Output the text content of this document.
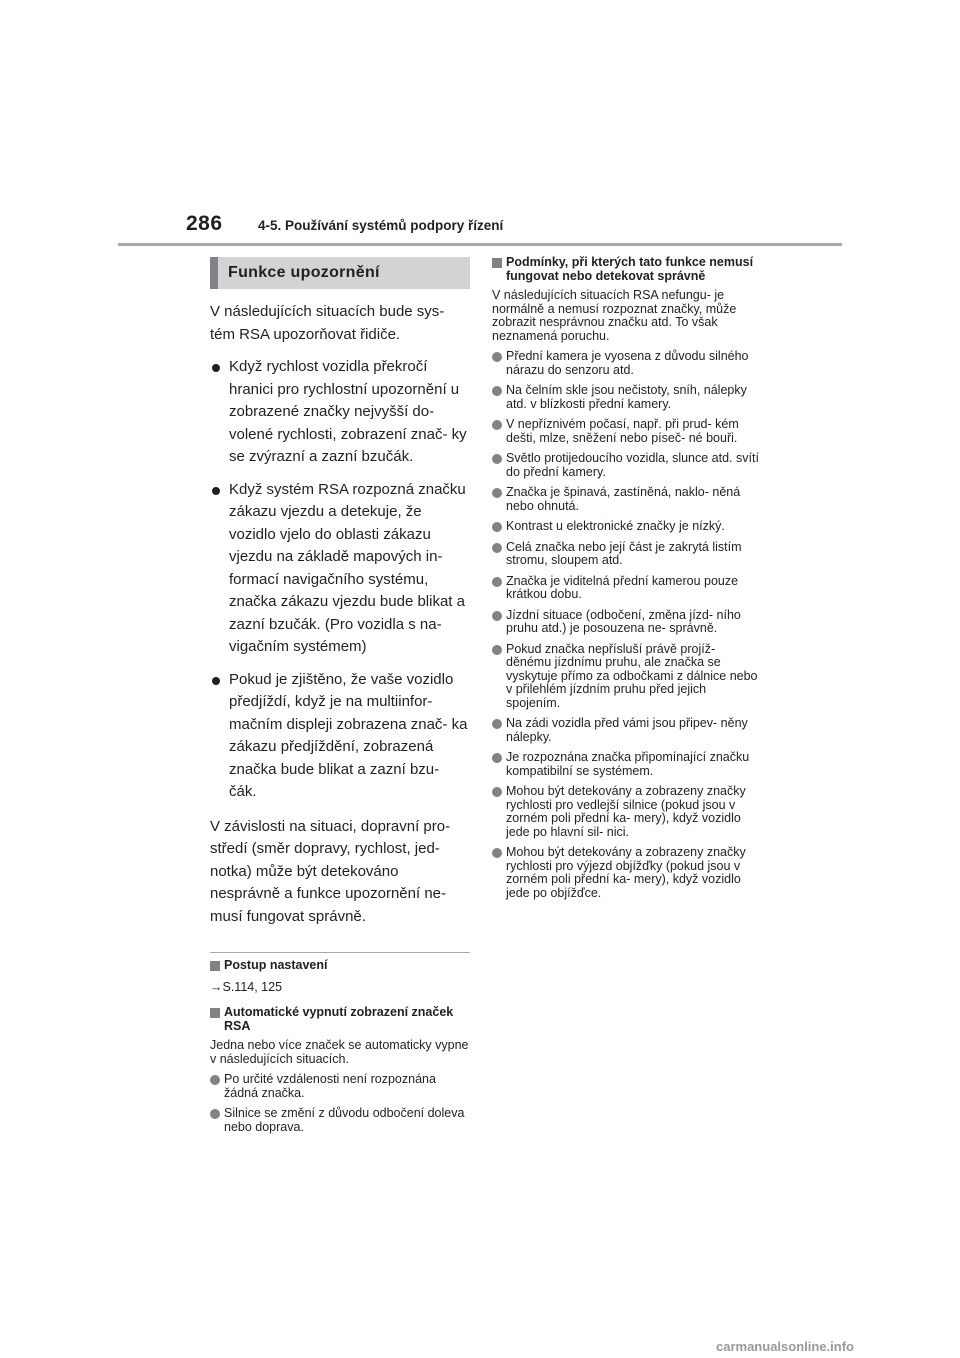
286	4-5. Používání systémů podpory řízení
Funkce upozornění

V následujících situacích bude sys- tém RSA upozorňovat řidiče.

Když rychlost vozidla překročí hranici pro rychlostní upozornění u zobrazené značky nejvyšší do- volené rychlosti, zobrazení znač- ky se zvýrazní a zazní bzučák.
Když systém RSA rozpozná značku zákazu vjezdu a detekuje, že vozidlo vjelo do oblasti zákazu vjezdu na základě mapových in- formací navigačního systému, značka zákazu vjezdu bude blikat a zazní bzučák. (Pro vozidla s na- vigačním systémem)
Pokud je zjištěno, že vaše vozidlo předjíždí, když je na multiinfor- mačním displeji zobrazena znač- ka zákazu předjíždění, zobrazená značka bude blikat a zazní bzu- čák.

V závislosti na situaci, dopravní pro- středí (směr dopravy, rychlost, jed- notka) může být detekováno nesprávně a funkce upozornění ne- musí fungovat správně.

Postup nastavení
→S.114, 125
Automatické vypnutí zobrazení značek RSA
Jedna nebo více značek se automaticky vypne v následujících situacích.
Po určité vzdálenosti není rozpoznána žádná značka.
Silnice se změní z důvodu odbočení doleva nebo doprava.
Podmínky, při kterých tato funkce nemusí fungovat nebo detekovat správně
V následujících situacích RSA nefungu- je normálně a nemusí rozpoznat značky, může zobrazit nesprávnou značku atd. To však neznamená poruchu.
Přední kamera je vyosena z důvodu silného nárazu do senzoru atd.
Na čelním skle jsou nečistoty, sníh, nálepky atd. v blízkosti přední kamery.
V nepříznivém počasí, např. při prud- kém dešti, mlze, sněžení nebo píseč- né bouři.
Světlo protijedoucího vozidla, slunce atd. svítí do přední kamery.
Značka je špinavá, zastíněná, naklo- něná nebo ohnutá.
Kontrast u elektronické značky je nízký.
Celá značka nebo její část je zakrytá listím stromu, sloupem atd.
Značka je viditelná přední kamerou pouze krátkou dobu.
Jízdní situace (odbočení, změna jízd- ního pruhu atd.) je posouzena ne- správně.
Pokud značka nepřísluší právě projíž- děnému jízdnímu pruhu, ale značka se vyskytuje přímo za odbočkami z dálnice nebo v přilehlém jízdním pruhu před jejich spojením.
Na zádi vozidla před vámi jsou připev- něny nálepky.
Je rozpoznána značka připomínající značku kompatibilní se systémem.
Mohou být detekovány a zobrazeny značky rychlosti pro vedlejší silnice (pokud jsou v zorném poli přední ka- mery), když vozidlo jede po hlavní sil- nici.
Mohou být detekovány a zobrazeny značky rychlosti pro výjezd objížďky (pokud jsou v zorném poli přední ka- mery), když vozidlo jede po objížďce.
carmanualsonline.info
